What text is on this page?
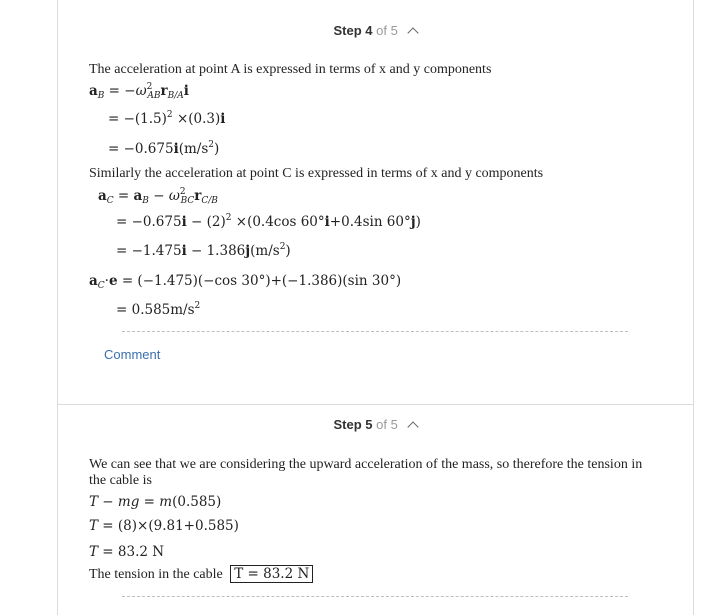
Step 4 of 5
The acceleration at point A is expressed in terms of x and y components
$a_B = -\omega^2_{AB}r_{B/A}i$
= $-(1.5)^2 \times(0.3)i$
= $-0.675i(m/s^2)$
Similarly the acceleration at point C is expressed in terms of x and y components
$a_C = a_B - \omega^2_{BC}r_{C/B}$
= $-0.675i - (2)^2 \times(0.4\cos$ 60°i+0.4sin 60°j)
= $-1.475i - 1.386j(m/s^2)$
$a_C\cdot e = (-1.475)(-\cos$ 30°)+(−1.386)(sin 30°)
= $0.585m/s^2$
Comment
Step 5 of 5
We can see that we are considering the upward acceleration of the mass, so therefore the tension in the cable is
T − mg = m(0.585)
T = (8)×(9.81+0.585)
T = 83.2 N
The tension in the cable T = 83.2 N
